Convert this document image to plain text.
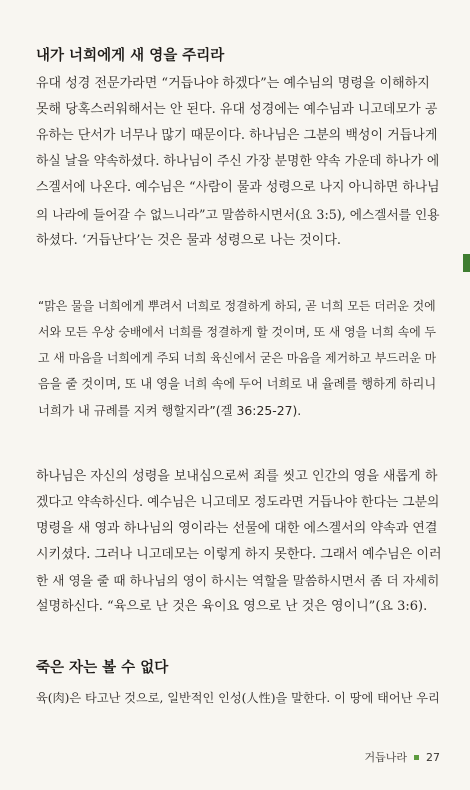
내가 너희에게 새 영을 주리라
유대 성경 전문가라면 “거듭나야 하겠다”는 예수님의 명령을 이해하지
못해 당혹스러워해서는 안 된다. 유대 성경에는 예수님과 니고데모가 공
유하는 단서가 너무나 많기 때문이다. 하나님은 그분의 백성이 거듭나게
하실 날을 약속하셨다. 하나님이 주신 가장 분명한 약속 가운데 하나가 에
스겔서에 나온다. 예수님은 “사람이 물과 성령으로 나지 아니하면 하나님
의 나라에 들어갈 수 없느니라”고 말씀하시면서(요 3:5), 에스겔서를 인용
하셨다. ‘거듭난다’는 것은 물과 성령으로 나는 것이다.
“맑은 물을 너희에게 뿌려서 너희로 정결하게 하되, 곧 너희 모든 더러운 것에
서와 모든 우상 숭배에서 너희를 정결하게 할 것이며, 또 새 영을 너희 속에 두
고 새 마음을 너희에게 주되 너희 육신에서 굳은 마음을 제거하고 부드러운 마
음을 줄 것이며, 또 내 영을 너희 속에 두어 너희로 내 율례를 행하게 하리니
너희가 내 규례를 지켜 행할지라”(겔 36:25-27).
하나님은 자신의 성령을 보내심으로써 죄를 씻고 인간의 영을 새롭게 하
겠다고 약속하신다. 예수님은 니고데모 정도라면 거듭나야 한다는 그분의
명령을 새 영과 하나님의 영이라는 선물에 대한 에스겔서의 약속과 연결
시키셨다. 그러나 니고데모는 이렇게 하지 못한다. 그래서 예수님은 이러
한 새 영을 줄 때 하나님의 영이 하시는 역할을 말씀하시면서 좀 더 자세히
설명하신다. “육으로 난 것은 육이요 영으로 난 것은 영이니”(요 3:6).
죽은 자는 볼 수 없다
육(肉)은 타고난 것으로, 일반적인 인성(人性)을 말한다. 이 땅에 태어난 우리
거듭나라 27
